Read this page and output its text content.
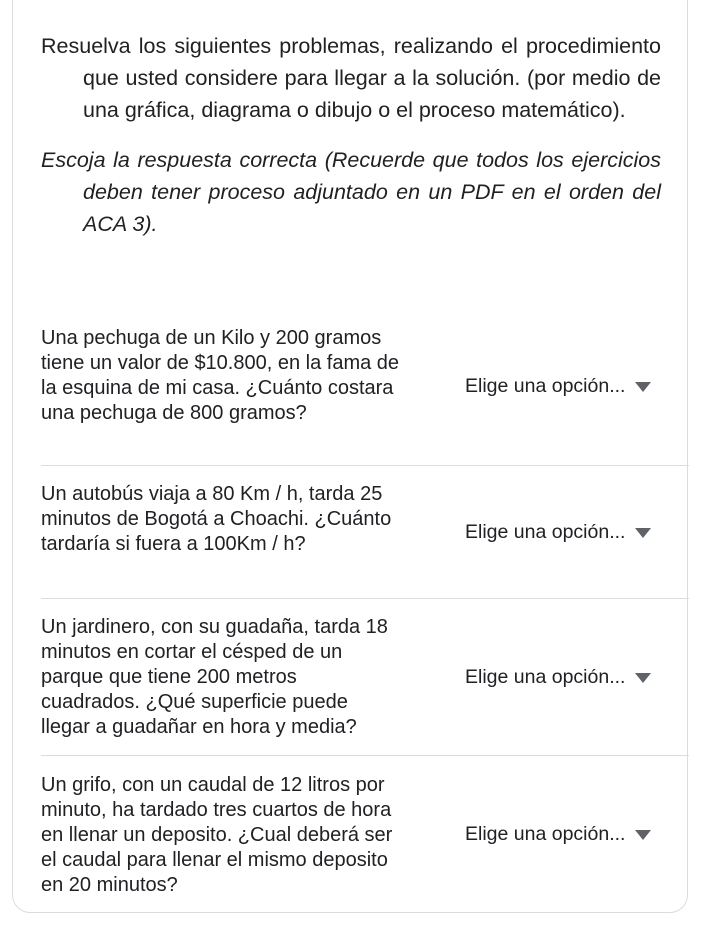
Resuelva los siguientes problemas, realizando el procedimiento que usted considere para llegar a la solución. (por medio de una gráfica, diagrama o dibujo o el proceso matemático).

Escoja la respuesta correcta (Recuerde que todos los ejercicios deben tener proceso adjuntado en un PDF en el orden del ACA 3).

Una pechuga de un Kilo y 200 gramos tiene un valor de $10.800, en la fama de la esquina de mi casa. ¿Cuánto costara una pechuga de 800 gramos?
Elige una opción...
Un autobús viaja a 80 Km / h, tarda 25 minutos de Bogotá a Choachi. ¿Cuánto tardaría si fuera a 100Km / h?
Elige una opción...
Un jardinero, con su guadaña, tarda 18 minutos en cortar el césped de un parque que tiene 200 metros cuadrados. ¿Qué superficie puede llegar a guadañar en hora y media?
Elige una opción...
Un grifo, con un caudal de 12 litros por minuto, ha tardado tres cuartos de hora en llenar un deposito. ¿Cual deberá ser el caudal para llenar el mismo deposito en 20 minutos?
Elige una opción...
